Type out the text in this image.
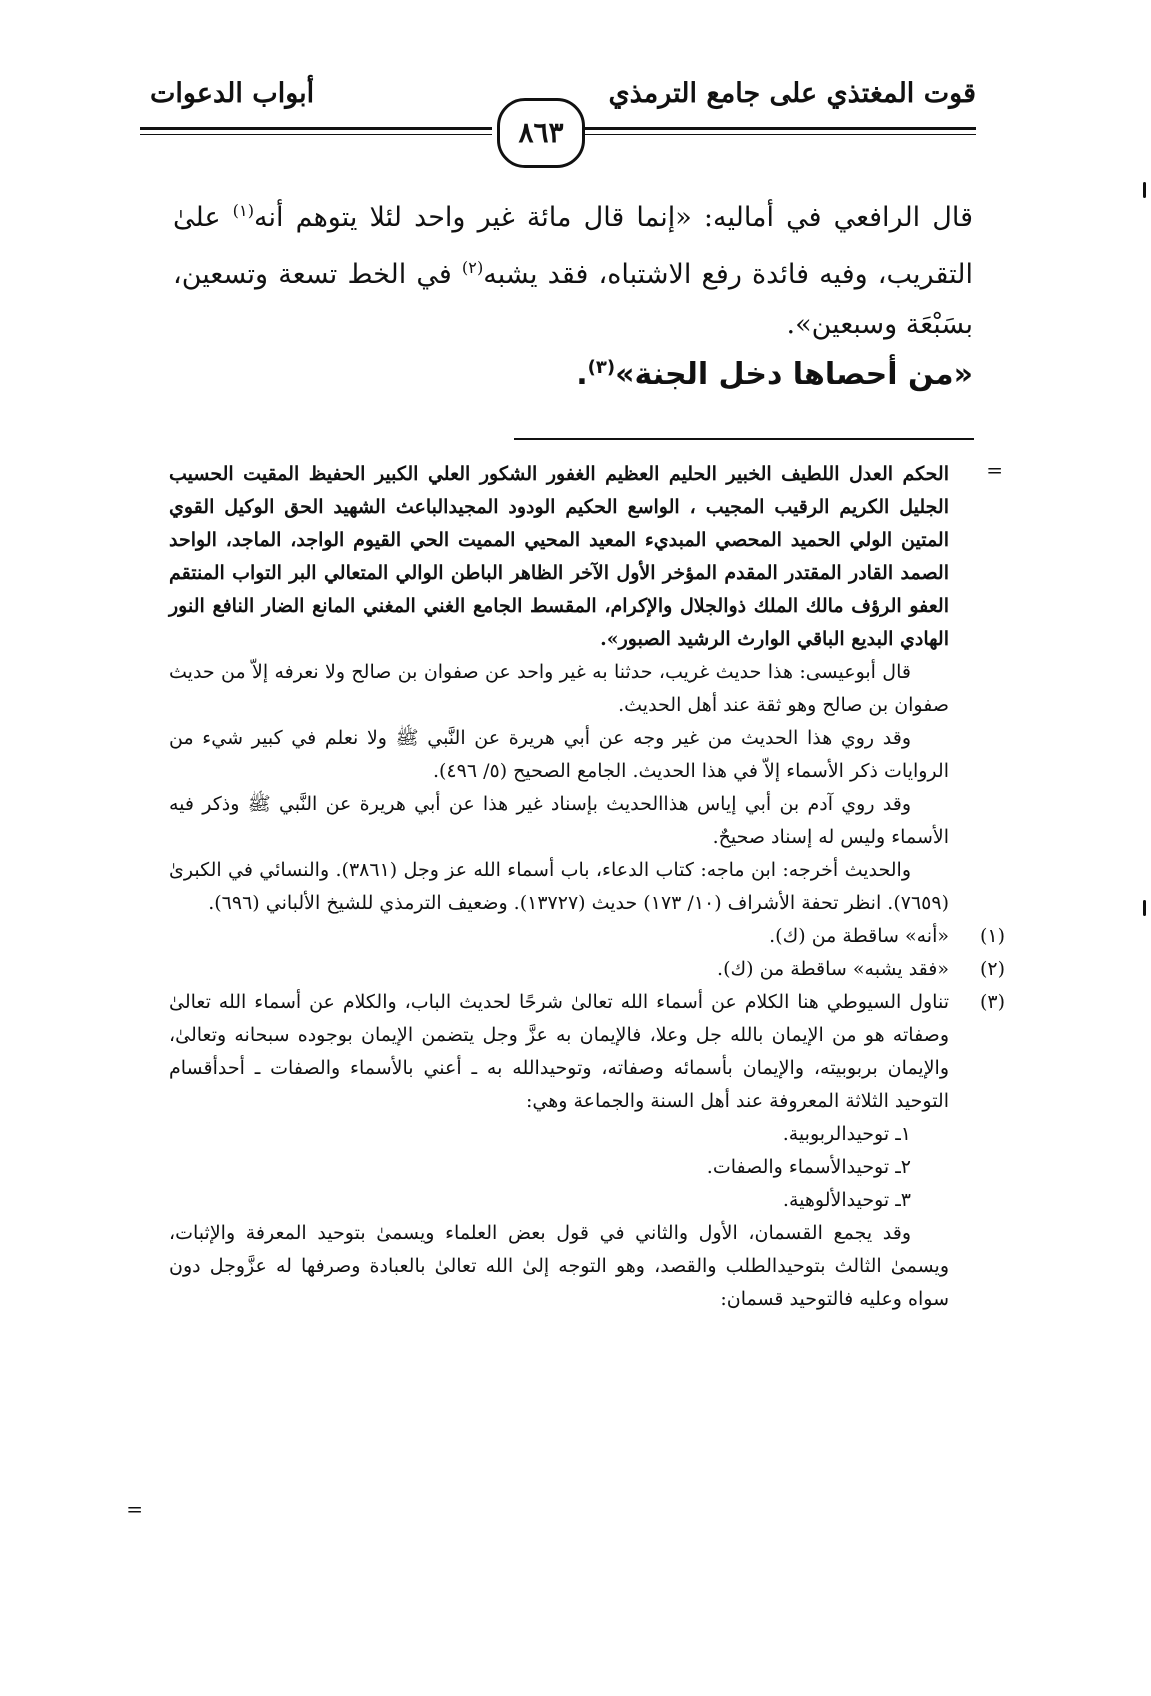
قوت المغتذي على جامع الترمذي
أبواب الدعوات
٨٦٣
قال الرافعي في أماليه: «إنما قال مائة غير واحد لئلا يتوهم أنه$^{(١)}$ علىٰ التقريب، وفيه فائدة رفع الاشتباه، فقد يشبه$^{(٢)}$ في الخط تسعة وتسعين، بسَبْعَة وسبعين».
«من أحصاها دخل الجنة»$^{(٣)}$.
=

الحكم العدل اللطيف الخبير الحليم العظيم الغفور الشكور العلي الكبير الحفيظ المقيت الحسيب الجليل الكريم الرقيب المجيب ، الواسع الحكيم الودود المجيدالباعث الشهيد الحق الوكيل القوي المتين الولي الحميد المحصي المبديء المعيد المحيي المميت الحي القيوم الواجد، الماجد، الواحد الصمد القادر المقتدر المقدم المؤخر الأول الآخر الظاهر الباطن الوالي المتعالي البر التواب المنتقم العفو الرؤف مالك الملك ذوالجلال والإكرام، المقسط الجامع الغني المغني المانع الضار النافع النور الهادي البديع الباقي الوارث الرشيد الصبور».

قال أبوعيسى: هذا حديث غريب، حدثنا به غير واحد عن صفوان بن صالح ولا نعرفه إلاّ من حديث صفوان بن صالح وهو ثقة عند أهل الحديث.

وقد روي هذا الحديث من غير وجه عن أبي هريرة عن النَّبي ﷺ ولا نعلم في كبير شيء من الروايات ذكر الأسماء إلاّ في هذا الحديث. الجامع الصحيح (٥/ ٤٩٦).

وقد روي آدم بن أبي إياس هذاالحديث بإسناد غير هذا عن أبي هريرة عن النَّبي ﷺ وذكر فيه الأسماء وليس له إسناد صحيحٌ.

والحديث أخرجه: ابن ماجه: كتاب الدعاء، باب أسماء الله عز وجل (٣٨٦١). والنسائي في الكبرىٰ (٧٦٥٩). انظر تحفة الأشراف (١٠/ ١٧٣) حديث (١٣٧٢٧). وضعيف الترمذي للشيخ الألباني (٦٩٦).

(١)

«أنه» ساقطة من (ك).

(٢)

«فقد يشبه» ساقطة من (ك).

(٣)

تناول السيوطي هنا الكلام عن أسماء الله تعالىٰ شرحًا لحديث الباب، والكلام عن أسماء الله تعالىٰ وصفاته هو من الإيمان بالله جل وعلا، فالإيمان به عزَّ وجل يتضمن الإيمان بوجوده سبحانه وتعالىٰ، والإيمان بربوبيته، والإيمان بأسمائه وصفاته، وتوحيدالله به ـ أعني بالأسماء والصفات ـ أحدأقسام التوحيد الثلاثة المعروفة عند أهل السنة والجماعة وهي:

١ـ توحيدالربوبية.

٢ـ توحيدالأسماء والصفات.

٣ـ توحيدالألوهية.

وقد يجمع القسمان، الأول والثاني في قول بعض العلماء ويسمىٰ بتوحيد المعرفة والإثبات، ويسمىٰ الثالث بتوحيدالطلب والقصد، وهو التوجه إلىٰ الله تعالىٰ بالعبادة وصرفها له عزَّوجل دون سواه وعليه فالتوحيد قسمان:

=
